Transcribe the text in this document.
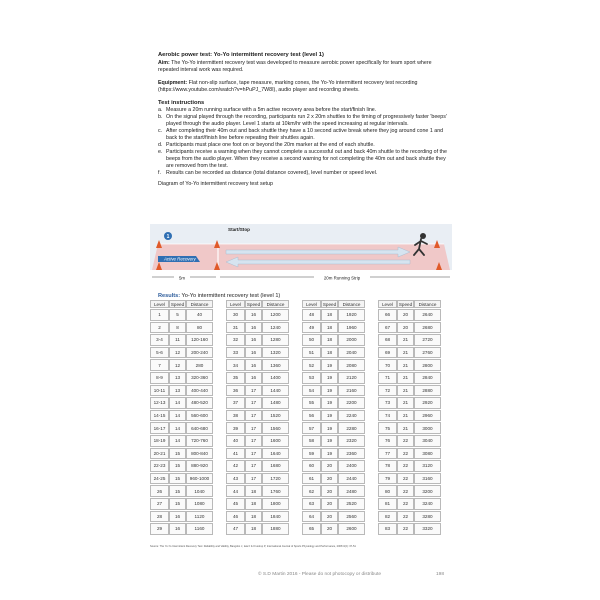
Aerobic power test: Yo-Yo intermittent recovery test (level 1)
Aim: The Yo-Yo intermittent recovery test was developed to measure aerobic power specifically for team sport where repeated interval work was required.
Equipment: Flat non-slip surface, tape measure, marking cones, the Yo-Yo intermittent recovery test recording (https://www.youtube.com/watch?v=hPuPJ_7W8I), audio player and recording sheets.
Test instructions
a. Measure a 20m running surface with a 5m active recovery area before the start/finish line.
b. On the signal played through the recording, participants run 2 x 20m shuttles to the timing of progressively faster 'beeps' played through the audio player. Level 1 starts at 10km/hr with the speed increasing at regular intervals.
c. After completing their 40m out and back shuttle they have a 10 second active break where they jog around cone 1 and back to the start/finish line before repeating their shuttles again.
d. Participants must place one foot on or beyond the 20m marker at the end of each shuttle.
e. Participants receive a warning when they cannot complete a successful out and back 40m shuttle to the recording of the beeps from the audio player. When they receive a second warning for not completing the 40m out and back shuttle they are removed from the test.
f. Results can be recorded as distance (total distance covered), level number or speed level.
Diagram of Yo-Yo intermittent recovery test setup
1
Start/Stop
Active Recovery
5m	20m Running Strip
Results: Yo-Yo intermittent recovery test (level 1)
Level	Speed	Distance
1	5	40
2	8	80
3-4	11	120-160
5-6	12	200-240
7	12	280
8-9	13	320-360
10-11	13	400-440
12-13	14	480-520
14-15	14	560-600
16-17	14	640-680
18-19	14	720-760
20-21	15	800-840
22-23	15	880-920
24-25	15	960-1000
26	15	1040
27	15	1080
28	16	1120
29	16	1160
Level	Speed	Distance
30	16	1200
31	16	1240
32	16	1280
33	16	1320
34	16	1360
35	16	1400
36	17	1440
37	17	1480
38	17	1520
39	17	1560
40	17	1600
41	17	1640
42	17	1680
43	17	1720
44	18	1760
45	18	1800
46	18	1840
47	18	1880
Level	Speed	Distance
48	18	1920
49	18	1960
50	18	2000
51	18	2040
52	19	2080
53	19	2120
54	19	2160
55	19	2200
56	19	2240
57	19	2280
58	19	2320
59	19	2360
60	20	2400
61	20	2440
62	20	2480
63	20	2520
64	20	2560
65	20	2600
Level	Speed	Distance
66	20	2640
67	20	2680
68	21	2720
69	21	2760
70	21	2800
71	21	2840
72	21	2880
73	21	2920
74	21	2960
75	21	3000
76	22	3040
77	22	3080
78	22	3120
79	22	3160
80	22	3200
81	22	3240
82	22	3280
83	22	3320
Source: The Yo-Yo Intermittent Recovery Test: Reliability and Validity, Bangsbo J, Iaia F & Krustrup P, International Journal of Sports Physiology and Performance, 2008 3(2): 37-51
© S.D Martin 2016 - Please do not photocopy or distribute	198
